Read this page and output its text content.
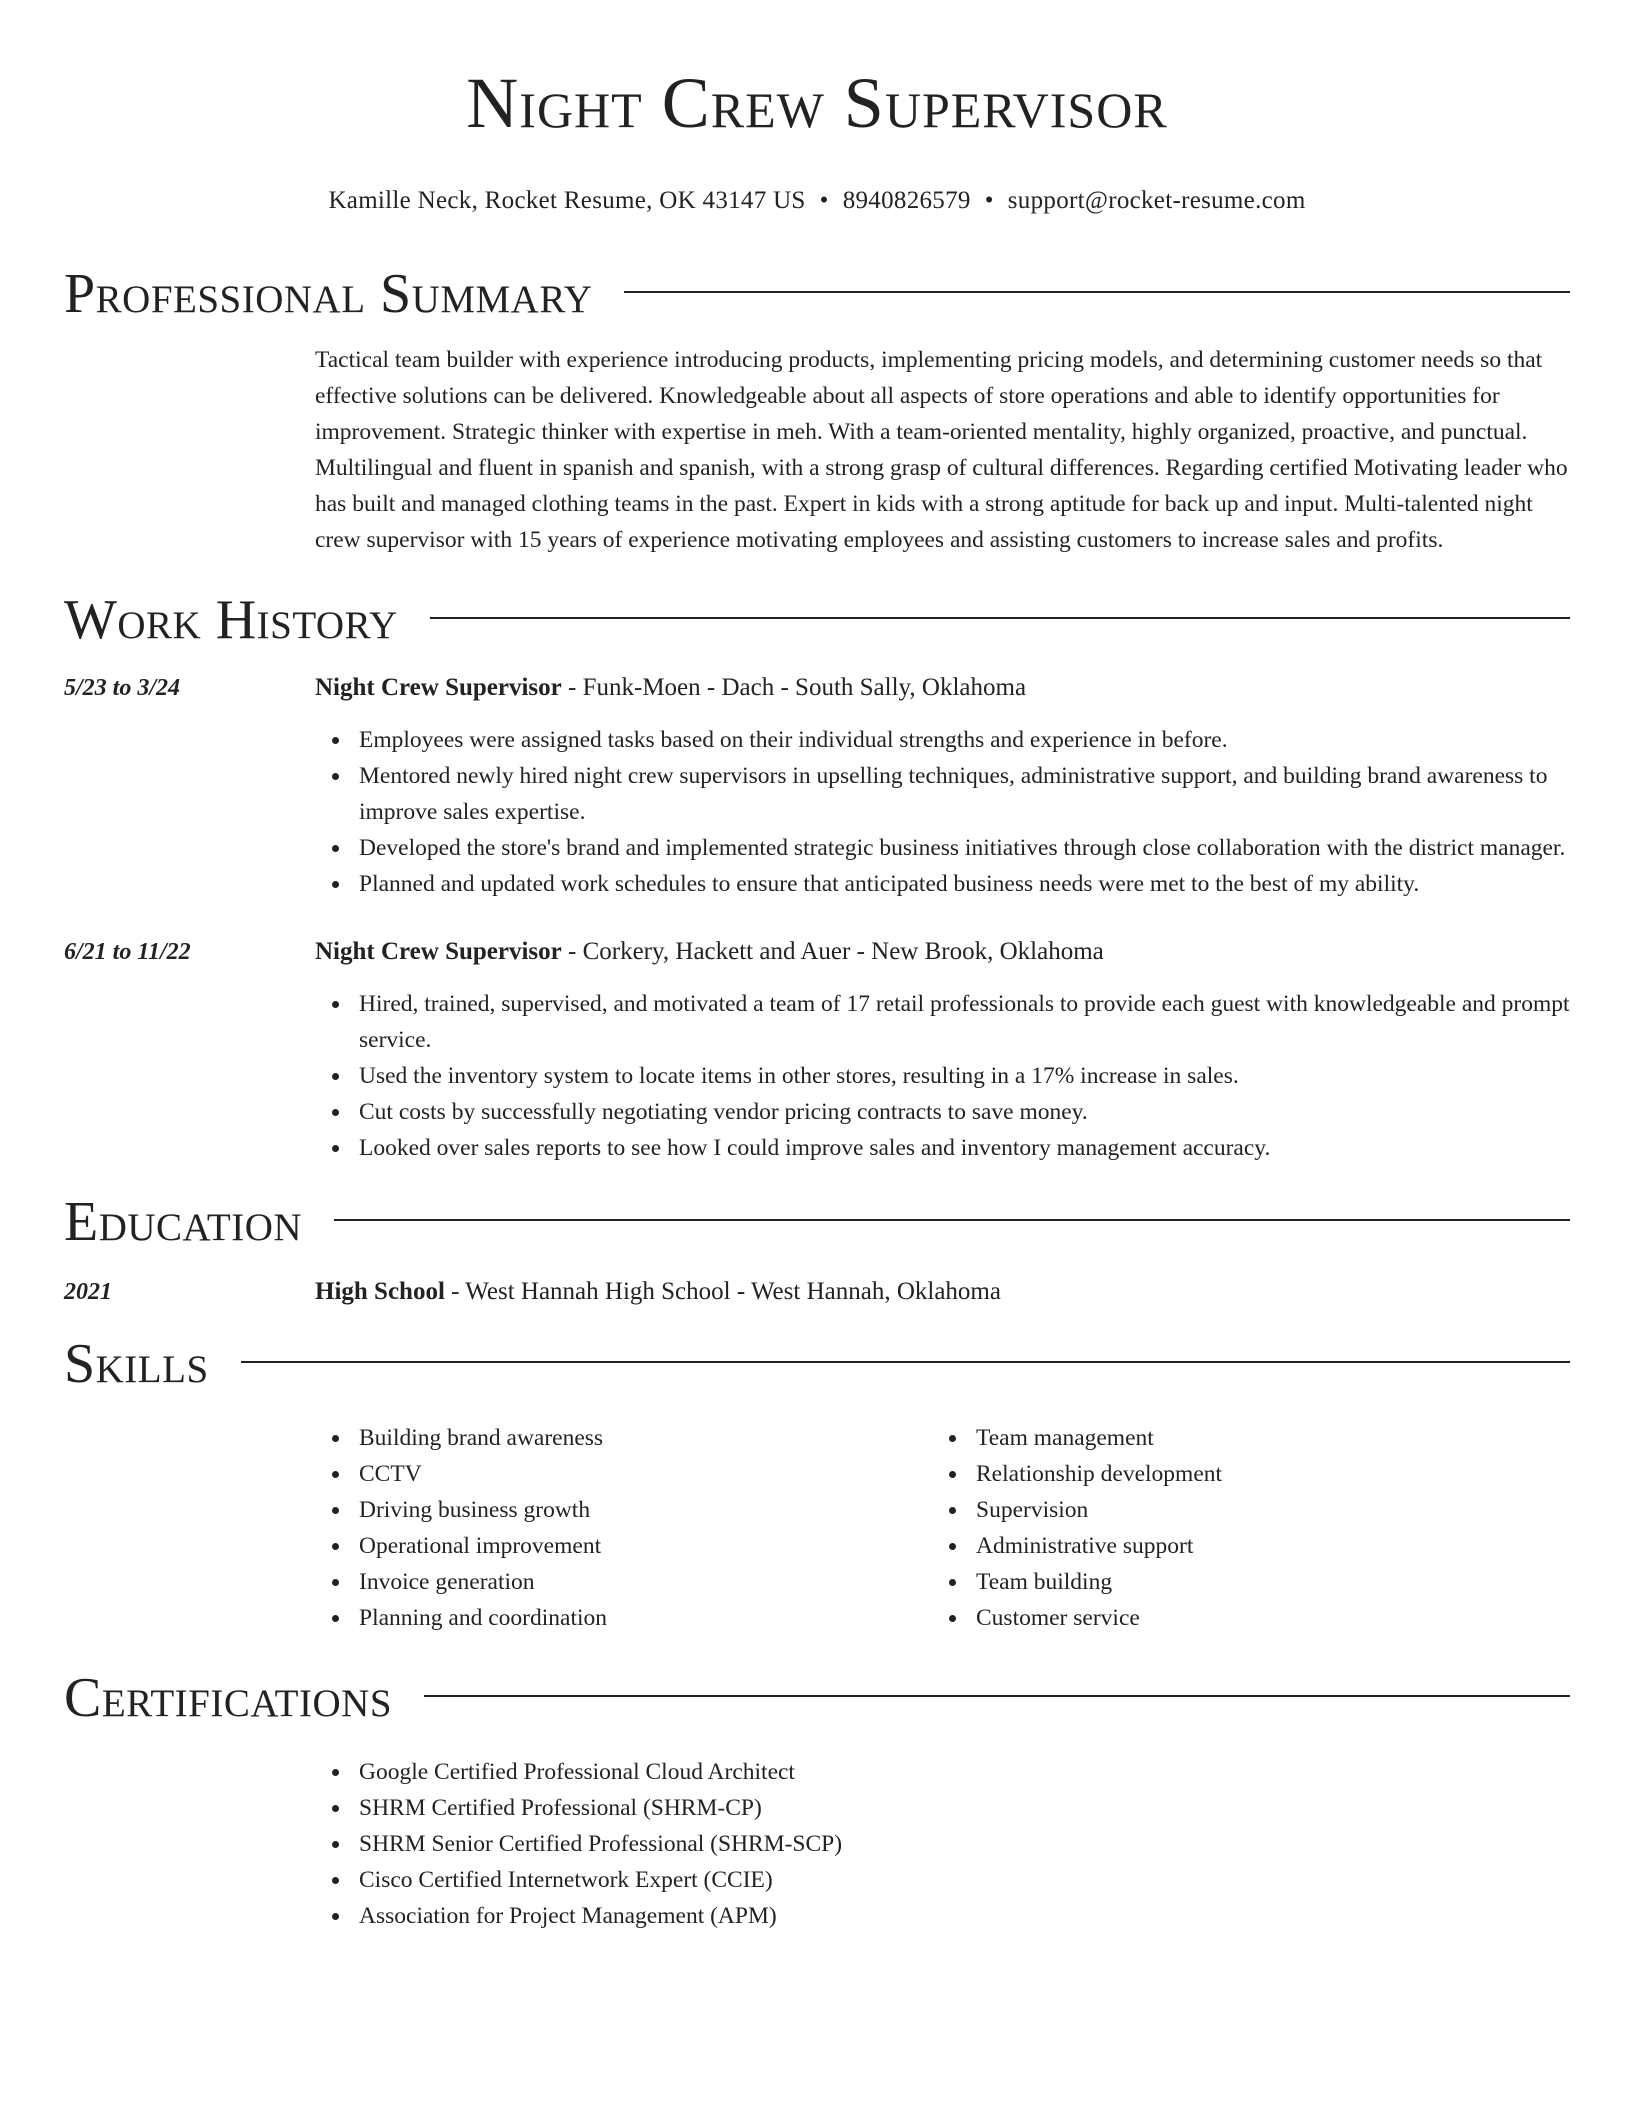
Night Crew Supervisor
Kamille Neck, Rocket Resume, OK 43147 US • 8940826579 • support@rocket-resume.com
Professional Summary
Tactical team builder with experience introducing products, implementing pricing models, and determining customer needs so that effective solutions can be delivered. Knowledgeable about all aspects of store operations and able to identify opportunities for improvement. Strategic thinker with expertise in meh. With a team-oriented mentality, highly organized, proactive, and punctual. Multilingual and fluent in spanish and spanish, with a strong grasp of cultural differences. Regarding certified Motivating leader who has built and managed clothing teams in the past. Expert in kids with a strong aptitude for back up and input. Multi-talented night crew supervisor with 15 years of experience motivating employees and assisting customers to increase sales and profits.
Work History
5/23 to 3/24	Night Crew Supervisor - Funk-Moen - Dach - South Sally, Oklahoma
Employees were assigned tasks based on their individual strengths and experience in before.
Mentored newly hired night crew supervisors in upselling techniques, administrative support, and building brand awareness to improve sales expertise.
Developed the store's brand and implemented strategic business initiatives through close collaboration with the district manager.
Planned and updated work schedules to ensure that anticipated business needs were met to the best of my ability.
6/21 to 11/22	Night Crew Supervisor - Corkery, Hackett and Auer - New Brook, Oklahoma
Hired, trained, supervised, and motivated a team of 17 retail professionals to provide each guest with knowledgeable and prompt service.
Used the inventory system to locate items in other stores, resulting in a 17% increase in sales.
Cut costs by successfully negotiating vendor pricing contracts to save money.
Looked over sales reports to see how I could improve sales and inventory management accuracy.
Education
2021	High School - West Hannah High School - West Hannah, Oklahoma
Skills
Building brand awareness
CCTV
Driving business growth
Operational improvement
Invoice generation
Planning and coordination
Team management
Relationship development
Supervision
Administrative support
Team building
Customer service
Certifications
Google Certified Professional Cloud Architect
SHRM Certified Professional (SHRM-CP)
SHRM Senior Certified Professional (SHRM-SCP)
Cisco Certified Internetwork Expert (CCIE)
Association for Project Management (APM)
